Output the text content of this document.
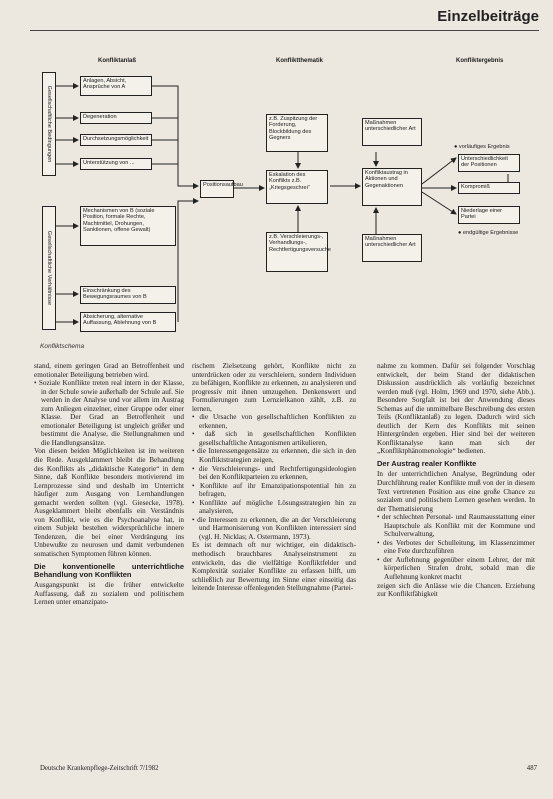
Einzelbeiträge
Konfliktanlaß	Konfliktthematik	Konfliktergebnis
Gesellschaftliche Bedingungen
Gesellschaftliche Verhältnisse
Anlagen, Absicht, Ansprüche von A
Degeneration
Durchsetzungsmöglichkeit
Unterstützung von ...
Mechanismen von B (soziale Position, formale Rechte, Machtmittel, Drohungen, Sanktionen, offene Gewalt)
Einschränkung des Bewegungsraumes von B
Absicherung, alternative Auffassung, Ablehnung von B
Positionsaufbau
z.B. Zuspitzung der Forderung, Blockbildung des Gegners
Eskalation des Konflikts z.B. „Kriegsgeschrei“
z.B. Verschleierungs-, Verhandlungs-, Rechtfertigungsversuche
Maßnahmen unterschiedlicher Art
Konfliktaustrag in Aktionen und Gegenaktionen
Maßnahmen unterschiedlicher Art
● vorläufiges Ergebnis
Unterschiedlichkeit der Positionen
Kompromiß
Niederlage einer Partei
● endgültige Ergebnisse
Konfliktschema

stand, einem geringen Grad an Betroffenheit und emotionaler Beteiligung betrieben wird.

• Soziale Konflikte treten real intern in der Klasse, in der Schule sowie außerhalb der Schule auf. Sie werden in der Analyse und vor allem im Austrag zum Anliegen einzelner, einer Gruppe oder einer Klasse. Der Grad an Betroffenheit und emotionaler Beteiligung ist ungleich größer und bestimmt die Analyse, die Stellungnahmen und die Handlungsansätze.

Von diesen beiden Möglichkeiten ist im weiteren die Rede. Ausgeklammert bleibt die Behandlung des Konflikts als „didaktische Kategorie“ in dem Sinne, daß Konflikte besonders motivierend im Lernprozesse sind und deshalb im Unterricht häufiger zum Ausgang von Lernhandlungen gemacht werden sollten (vgl. Giesecke, 1978). Ausgeklammert bleibt ebenfalls ein Verständnis von Konflikt, wie es die Psychoanalyse hat, in einem Subjekt bestehen widersprüchliche innere Tendenzen, die bei einer Verdrängung ins Unbewußte zu neurosen und damit verbundenen somatischen Symptomen führen können.

Die konventionelle unterrichtliche Behandlung von Konflikten

Ausgangspunkt ist die früher entwickelte Auffassung, daß zu sozialem und politischem Lernen unter emanzipato-

rischem Zielsetzung gehört, Konflikte nicht zu unterdrücken oder zu verschleiern, sondern Individuen zu befähigen, Konflikte zu erkennen, zu analysieren und progressiv mit ihnen umzugehen. Denkenswert und Formulierungen zum Lernzielkanon zählt, z.B. zu lernen,

• die Ursache von gesellschaftlichen Konflikten zu erkennen,

• daß sich in gesellschaftlichen Konflikten gesellschaftliche Antagonismen artikulieren,

• die Interessengegensätze zu erkennen, die sich in den Konfliktstrategien zeigen,

• die Verschleierungs- und Rechtfertigungsideologien bei den Konfliktparteien zu erkennen,

• Konflikte auf ihr Emanzipationspotential hin zu befragen,

• Konflikte auf mögliche Lösungsstrategien hin zu analysieren,

• die Interessen zu erkennen, die an der Verschleierung und Harmonisierung von Konflikten interessiert sind (vgl. H. Nicklas; A. Ostermann, 1973).

Es ist demnach oft nur wichtiger, ein didaktisch-methodisch brauchbares Analyseinstrument zu entwickeln, das die vielfältige Konfliktfelder und Komplexität sozialer Konflikte zu erfassen hilft, um schließlich zur Bewertung im Sinne einer einseitig das leitende Interesse offenlegenden Stellungnahme (Partei-

nahme zu kommen. Dafür sei folgender Vorschlag entwickelt, der beim Stand der didaktischen Diskussion ausdrücklich als vorläufig bezeichnet werden muß (vgl. Holm, 1969 und 1970, siehe Abb.). Besondere Sorgfalt ist bei der Anwendung dieses Schemas auf die unmittelbare Beschreibung des ersten Teils (Konfliktanlaß) zu legen. Dadurch wird sich deutlich der Kern des Konflikts mit seinen Hintergründen ergeben. Hier sind bei der weiteren Konfliktanalyse kann man sich der „Konfliktphänomenologie“ bedienen.

Der Austrag realer Konflikte

In der unterrichtlichen Analyse, Begründung oder Durchführung realer Konflikte muß von der in diesem Text vertretenen Position aus eine große Chance zu sozialem und politischem Lernen gesehen werden. In der Thematisierung

• der schlechten Personal- und Raumausstattung einer Hauptschule als Konflikt mit der Kommune und Schulverwaltung,

• des Verbotes der Schulleitung, im Klassenzimmer eine Fete durchzuführen

• der Auflehnung gegenüber einem Lehrer, der mit körperlichen Strafen droht, sobald man die Auflehnung konkret macht

zeigen sich die Anlässe wie die Chancen. Erziehung zur Konfliktfähigkeit

Deutsche Krankenpflege-Zeitschrift 7/1982	487
